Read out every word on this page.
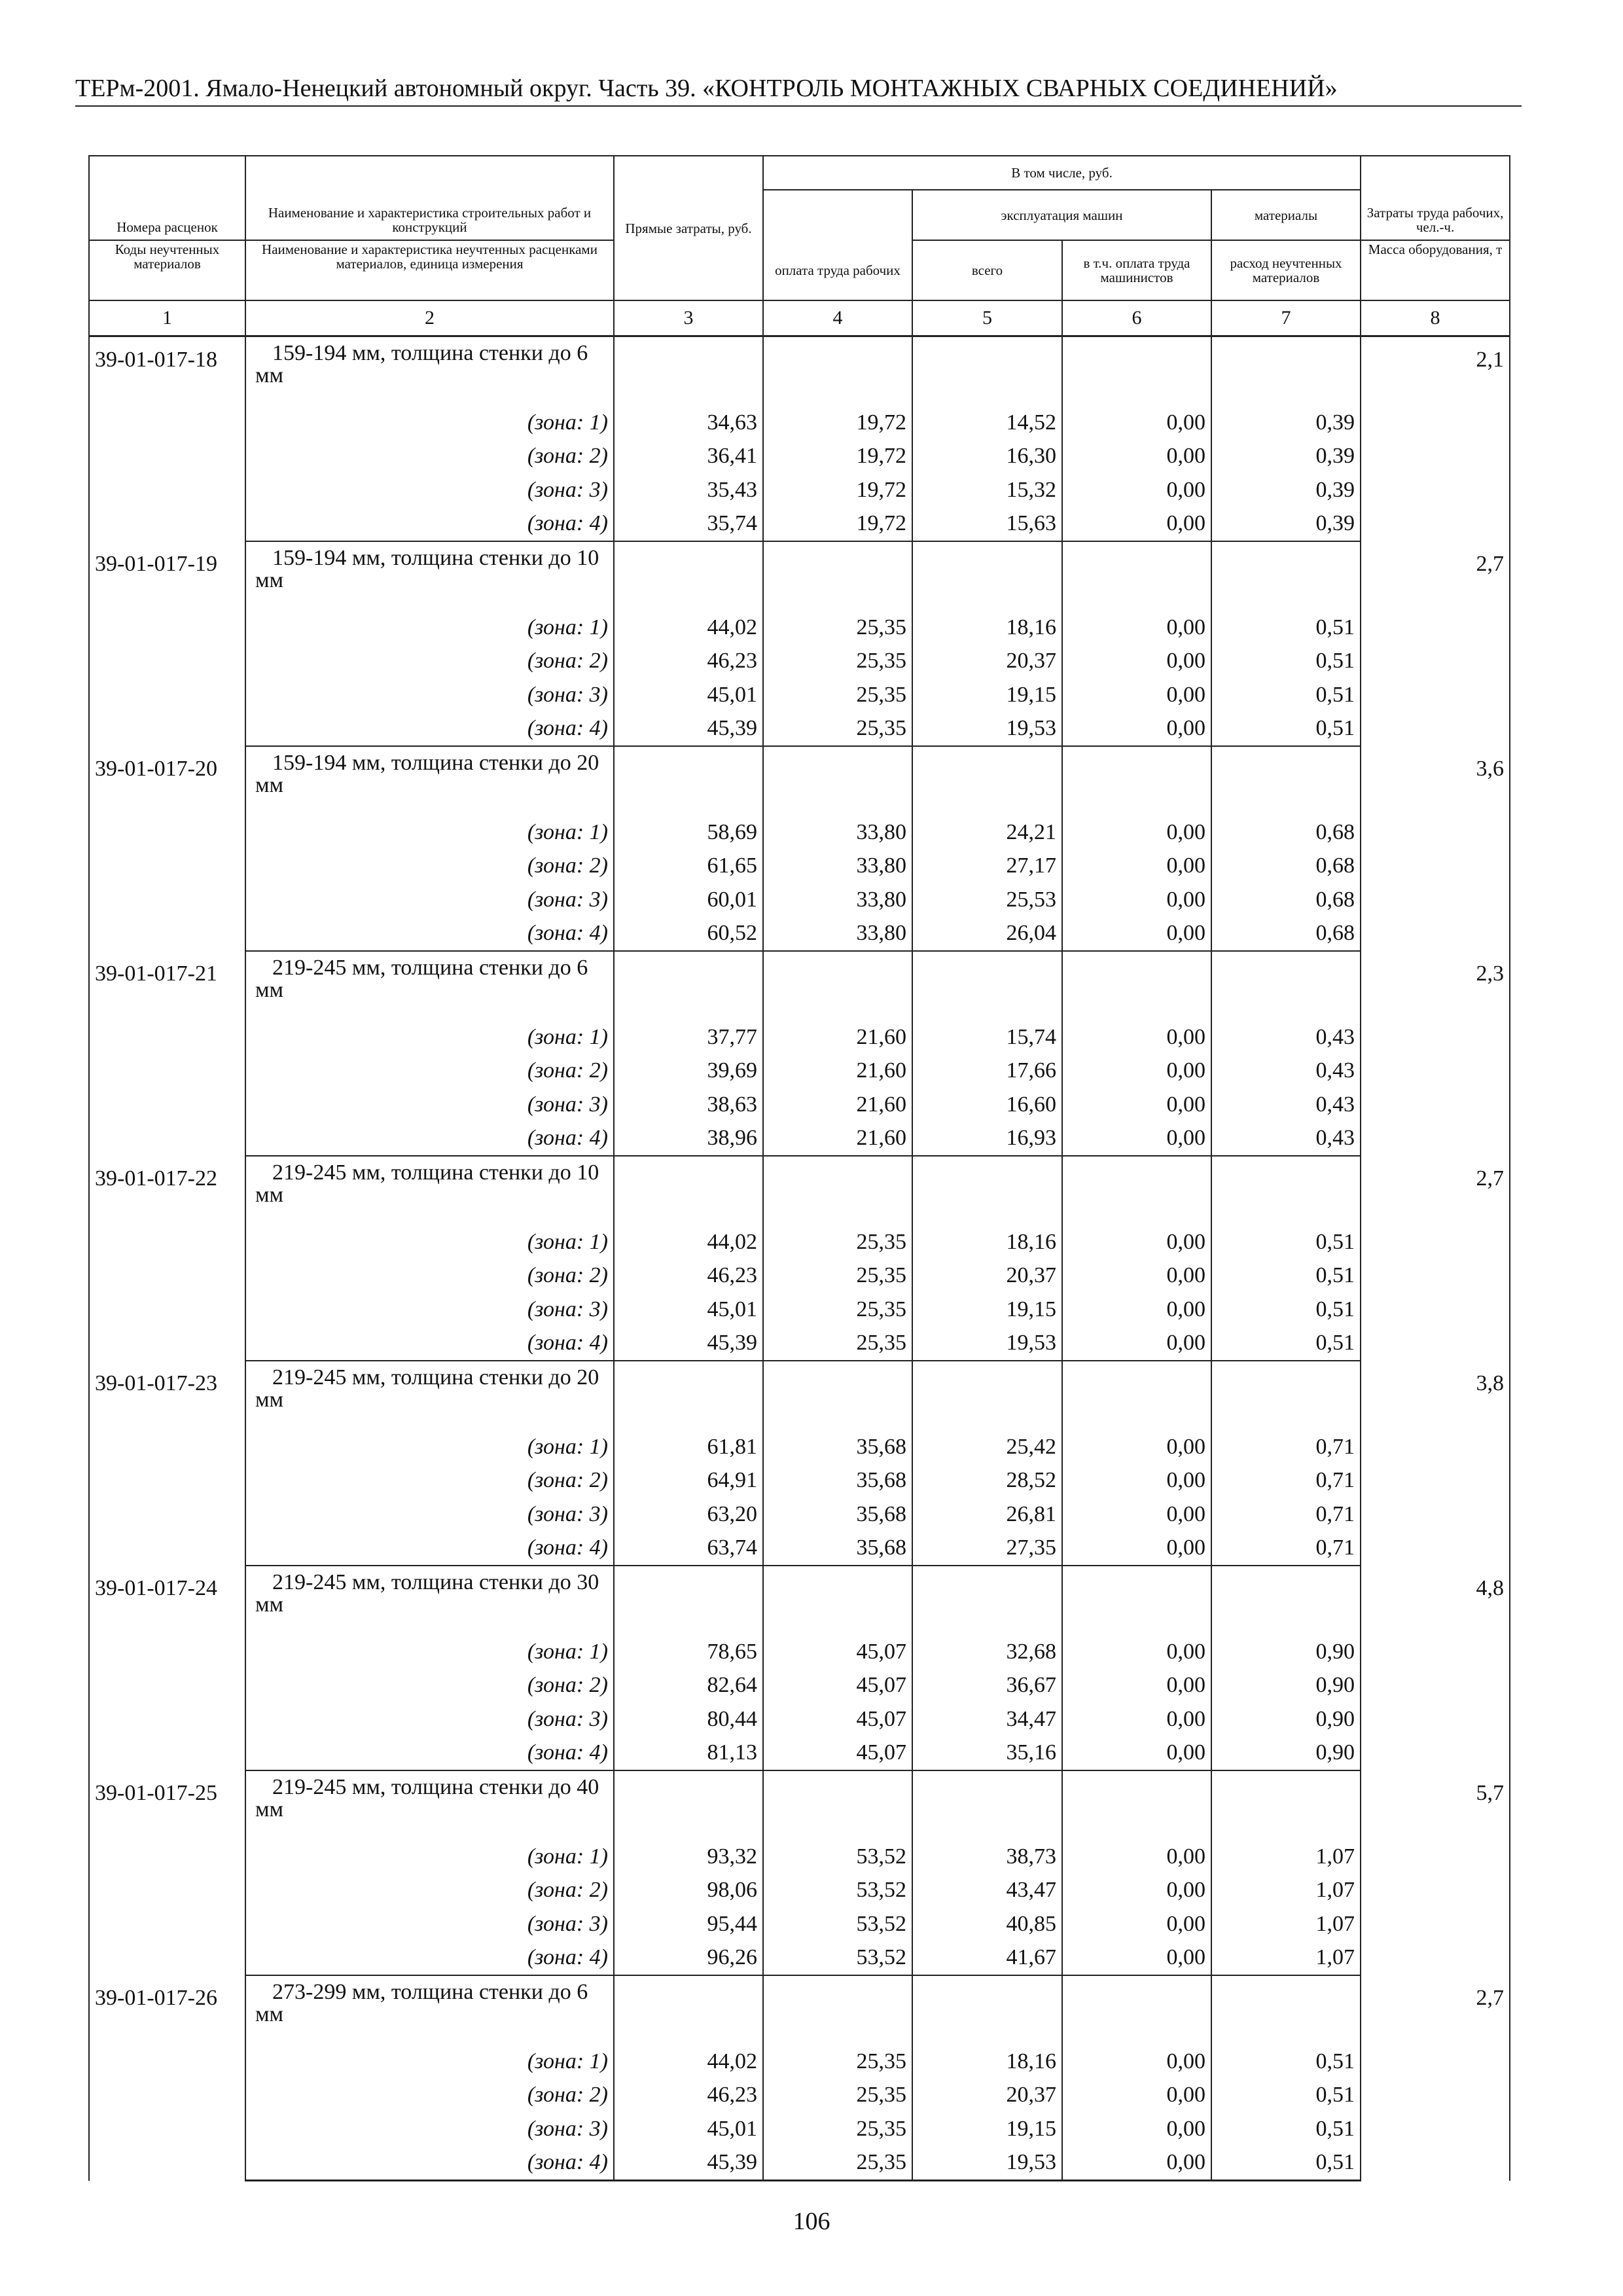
ТЕРм-2001. Ямало-Ненецкий автономный округ. Часть 39. «КОНТРОЛЬ МОНТАЖНЫХ СВАРНЫХ СОЕДИНЕНИЙ»
Номера расценок	Наименование и характеристика строительных работ и конструкций	Прямые затраты, руб.	В том числе, руб.				Затраты труда рабочих, чел.-ч.
				эксплуатация машин		материалы	
Коды неучтенных материалов	Наименование и характеристика неучтенных расценками материалов, единица измерения		оплата труда рабочих	всего	в т.ч. оплата труда машинистов	расход неучтенных материалов	Масса оборудования, т
1	2	3	4	5	6	7	8
39-01-017-18	159-194 мм, толщина стенки до 6 мм						2,1
	(зона: 1)	34,63	19,72	14,52	0,00	0,39	
	(зона: 2)	36,41	19,72	16,30	0,00	0,39	
	(зона: 3)	35,43	19,72	15,32	0,00	0,39	
	(зона: 4)	35,74	19,72	15,63	0,00	0,39	
39-01-017-19	159-194 мм, толщина стенки до 10 мм						2,7
	(зона: 1)	44,02	25,35	18,16	0,00	0,51	
	(зона: 2)	46,23	25,35	20,37	0,00	0,51	
	(зона: 3)	45,01	25,35	19,15	0,00	0,51	
	(зона: 4)	45,39	25,35	19,53	0,00	0,51	
39-01-017-20	159-194 мм, толщина стенки до 20 мм						3,6
	(зона: 1)	58,69	33,80	24,21	0,00	0,68	
	(зона: 2)	61,65	33,80	27,17	0,00	0,68	
	(зона: 3)	60,01	33,80	25,53	0,00	0,68	
	(зона: 4)	60,52	33,80	26,04	0,00	0,68	
39-01-017-21	219-245 мм, толщина стенки до 6 мм						2,3
	(зона: 1)	37,77	21,60	15,74	0,00	0,43	
	(зона: 2)	39,69	21,60	17,66	0,00	0,43	
	(зона: 3)	38,63	21,60	16,60	0,00	0,43	
	(зона: 4)	38,96	21,60	16,93	0,00	0,43	
39-01-017-22	219-245 мм, толщина стенки до 10 мм						2,7
	(зона: 1)	44,02	25,35	18,16	0,00	0,51	
	(зона: 2)	46,23	25,35	20,37	0,00	0,51	
	(зона: 3)	45,01	25,35	19,15	0,00	0,51	
	(зона: 4)	45,39	25,35	19,53	0,00	0,51	
39-01-017-23	219-245 мм, толщина стенки до 20 мм						3,8
	(зона: 1)	61,81	35,68	25,42	0,00	0,71	
	(зона: 2)	64,91	35,68	28,52	0,00	0,71	
	(зона: 3)	63,20	35,68	26,81	0,00	0,71	
	(зона: 4)	63,74	35,68	27,35	0,00	0,71	
39-01-017-24	219-245 мм, толщина стенки до 30 мм						4,8
	(зона: 1)	78,65	45,07	32,68	0,00	0,90	
	(зона: 2)	82,64	45,07	36,67	0,00	0,90	
	(зона: 3)	80,44	45,07	34,47	0,00	0,90	
	(зона: 4)	81,13	45,07	35,16	0,00	0,90	
39-01-017-25	219-245 мм, толщина стенки до 40 мм						5,7
	(зона: 1)	93,32	53,52	38,73	0,00	1,07	
	(зона: 2)	98,06	53,52	43,47	0,00	1,07	
	(зона: 3)	95,44	53,52	40,85	0,00	1,07	
	(зона: 4)	96,26	53,52	41,67	0,00	1,07	
39-01-017-26	273-299 мм, толщина стенки до 6 мм						2,7
	(зона: 1)	44,02	25,35	18,16	0,00	0,51	
	(зона: 2)	46,23	25,35	20,37	0,00	0,51	
	(зона: 3)	45,01	25,35	19,15	0,00	0,51	
	(зона: 4)	45,39	25,35	19,53	0,00	0,51	
106
